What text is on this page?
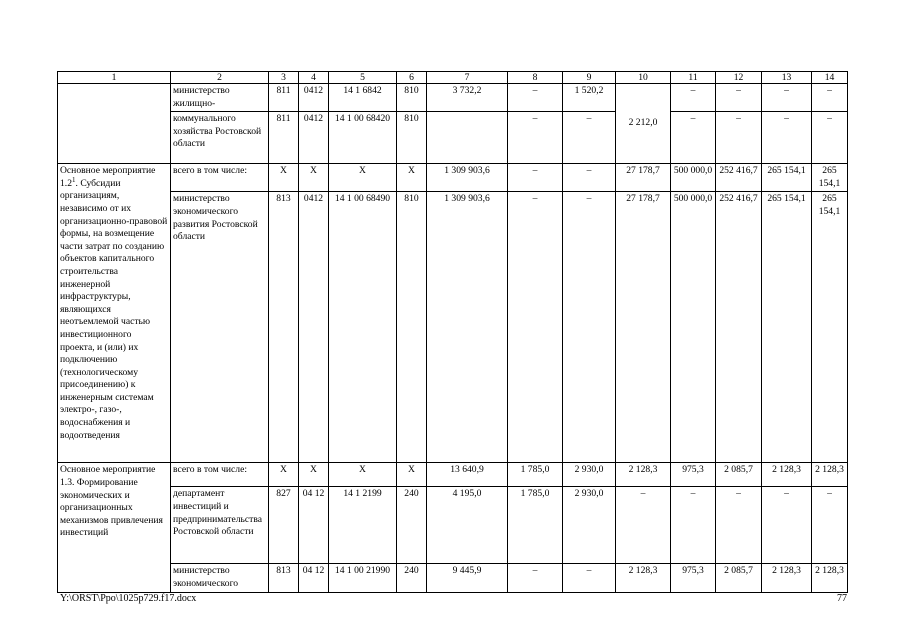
1	2	3	4	5	6	7	8	9	10	11	12	13	14
	министерство жилищно-	811	0412	14 1 6842	810	3 732,2	–	1 520,2	2 212,0	–	–	–	–
	коммунального хозяйства Ростовской области	811	0412	14 1 00 68420	810		–	–		–	–	–	–
Основное мероприятие $1.2^1$. Субсидии организациям, независимо от их организационно-правовой формы, на возмещение части затрат по созданию объектов капитального строительства инженерной инфраструктуры, являющихся неотъемлемой частью инвестиционного проекта, и (или) их подключению (технологическому присоединению) к инженерным системам электро-, газо-, водоснабжения и водоотведения	всего в том числе:	X	X	X	X	1 309 903,6	–	–	27 178,7	500 000,0	252 416,7	265 154,1	265 154,1
	министерство экономического развития Ростовской области	813	0412	14 1 00 68490	810	1 309 903,6	–	–	27 178,7	500 000,0	252 416,7	265 154,1	265 154,1
Основное мероприятие 1.3. Формирование экономических и организационных механизмов привлечения инвестиций	всего в том числе:	X	X	X	X	13 640,9	1 785,0	2 930,0	2 128,3	975,3	2 085,7	2 128,3	2 128,3
	департамент инвестиций и предпринимательства Ростовской области	827	04 12	14 1 2199	240	4 195,0	1 785,0	2 930,0	–	–	–	–	–
	министерство экономического	813	04 12	14 1 00 21990	240	9 445,9	–	–	2 128,3	975,3	2 085,7	2 128,3	2 128,3
Y:\ORST\Ppo\1025p729.f17.docx	77
